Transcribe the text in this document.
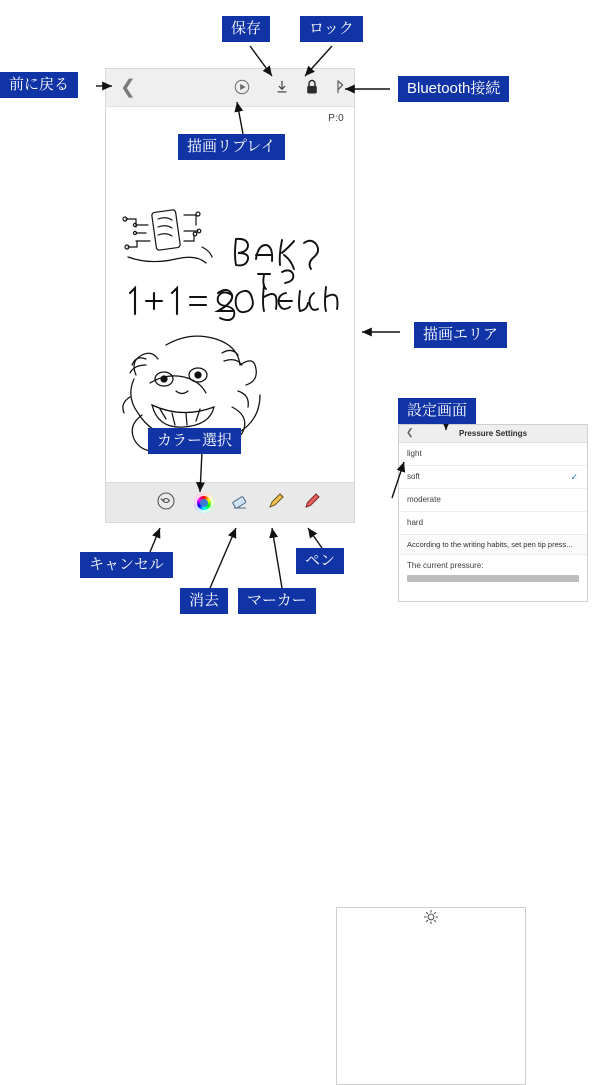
❮
P:0
❮	Pressure Settings
light
soft	✓
moderate
hard
According to the writing habits, set pen tip press...
The current pressure:
保存	ロック
前に戻る	Bluetooth接続
描画リプレイ
描画エリア
設定画面
カラー選択
キャンセル
消去	マーカー
ペン
